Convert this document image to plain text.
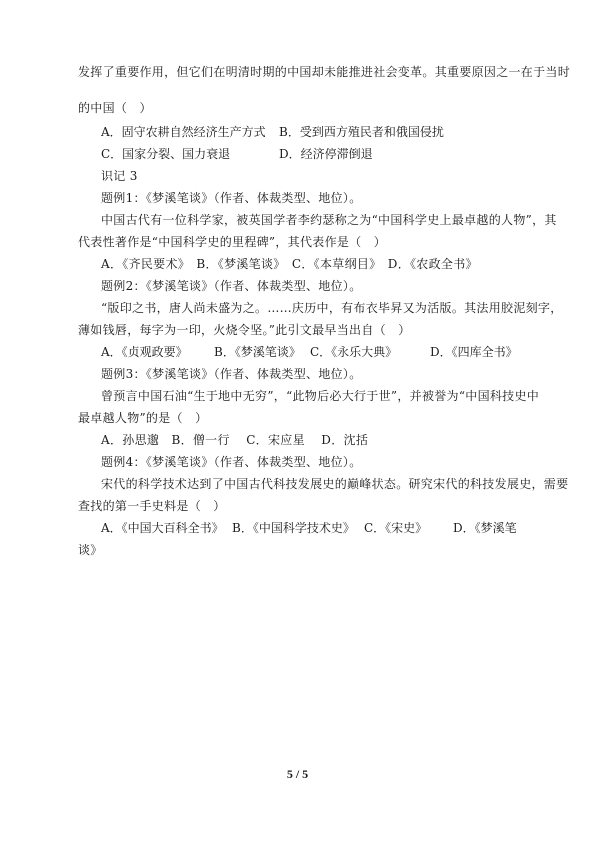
发挥了重要作用，但它们在明清时期的中国却未能推进社会变革。其重要原因之一在于当时
的中国（　）
A．固守农耕自然经济生产方式 B．受到西方殖民者和俄国侵扰
C．国家分裂、国力衰退	D．经济停滞倒退
识记 3
题例1：《梦溪笔谈》（作者、体裁类型、地位）。
中国古代有一位科学家，被英国学者李约瑟称之为“中国科学史上最卓越的人物”，其
代表性著作是“中国科学史的里程碑”，其代表作是（　）
A．《齐民要术》　B．《梦溪笔谈》　C．《本草纲目》　D．《农政全书》
题例2：《梦溪笔谈》（作者、体裁类型、地位）。
“版印之书，唐人尚未盛为之。……庆历中，有布衣毕昇又为活版。其法用胶泥刻字，
薄如钱唇，每字为一印，火烧令坚。”此引文最早当出自（　）
A．《贞观政要》 B．《梦溪笔谈》 C．《永乐大典》	D．《四库全书》
题例3：《梦溪笔谈》（作者、体裁类型、地位）。
曾预言中国石油“生于地中无穷”，“此物后必大行于世”，并被誉为“中国科技史中
最卓越人物”的是（　）
A．孙思邈　B．僧一行　 C．宋应星　 D．沈括
题例4：《梦溪笔谈》（作者、体裁类型、地位）。
宋代的科学技术达到了中国古代科技发展史的巅峰状态。研究宋代的科技发展史，需要
查找的第一手史料是（　）
A．《中国大百科全书》 B．《中国科学技术史》 C．《宋史》 D．《梦溪笔
谈》
5 / 5
